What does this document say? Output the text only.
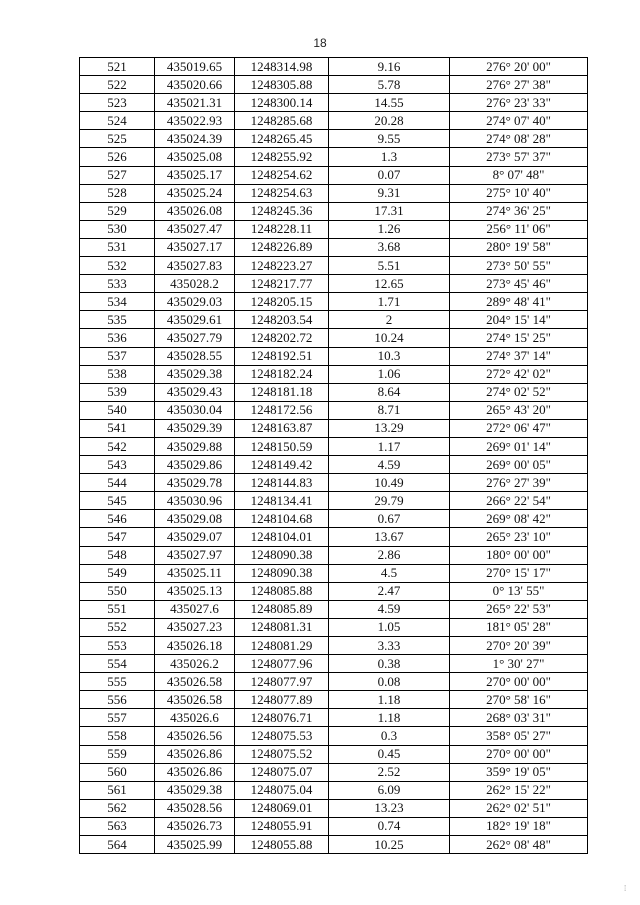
18
521	435019.65	1248314.98	9.16	276° 20' 00"
522	435020.66	1248305.88	5.78	276° 27' 38"
523	435021.31	1248300.14	14.55	276° 23' 33"
524	435022.93	1248285.68	20.28	274° 07' 40"
525	435024.39	1248265.45	9.55	274° 08' 28"
526	435025.08	1248255.92	1.3	273° 57' 37"
527	435025.17	1248254.62	0.07	8° 07' 48"
528	435025.24	1248254.63	9.31	275° 10' 40"
529	435026.08	1248245.36	17.31	274° 36' 25"
530	435027.47	1248228.11	1.26	256° 11' 06"
531	435027.17	1248226.89	3.68	280° 19' 58"
532	435027.83	1248223.27	5.51	273° 50' 55"
533	435028.2	1248217.77	12.65	273° 45' 46"
534	435029.03	1248205.15	1.71	289° 48' 41"
535	435029.61	1248203.54	2	204° 15' 14"
536	435027.79	1248202.72	10.24	274° 15' 25"
537	435028.55	1248192.51	10.3	274° 37' 14"
538	435029.38	1248182.24	1.06	272° 42' 02"
539	435029.43	1248181.18	8.64	274° 02' 52"
540	435030.04	1248172.56	8.71	265° 43' 20"
541	435029.39	1248163.87	13.29	272° 06' 47"
542	435029.88	1248150.59	1.17	269° 01' 14"
543	435029.86	1248149.42	4.59	269° 00' 05"
544	435029.78	1248144.83	10.49	276° 27' 39"
545	435030.96	1248134.41	29.79	266° 22' 54"
546	435029.08	1248104.68	0.67	269° 08' 42"
547	435029.07	1248104.01	13.67	265° 23' 10"
548	435027.97	1248090.38	2.86	180° 00' 00"
549	435025.11	1248090.38	4.5	270° 15' 17"
550	435025.13	1248085.88	2.47	0° 13' 55"
551	435027.6	1248085.89	4.59	265° 22' 53"
552	435027.23	1248081.31	1.05	181° 05' 28"
553	435026.18	1248081.29	3.33	270° 20' 39"
554	435026.2	1248077.96	0.38	1° 30' 27"
555	435026.58	1248077.97	0.08	270° 00' 00"
556	435026.58	1248077.89	1.18	270° 58' 16"
557	435026.6	1248076.71	1.18	268° 03' 31"
558	435026.56	1248075.53	0.3	358° 05' 27"
559	435026.86	1248075.52	0.45	270° 00' 00"
560	435026.86	1248075.07	2.52	359° 19' 05"
561	435029.38	1248075.04	6.09	262° 15' 22"
562	435028.56	1248069.01	13.23	262° 02' 51"
563	435026.73	1248055.91	0.74	182° 19' 18"
564	435025.99	1248055.88	10.25	262° 08' 48"
⁞
